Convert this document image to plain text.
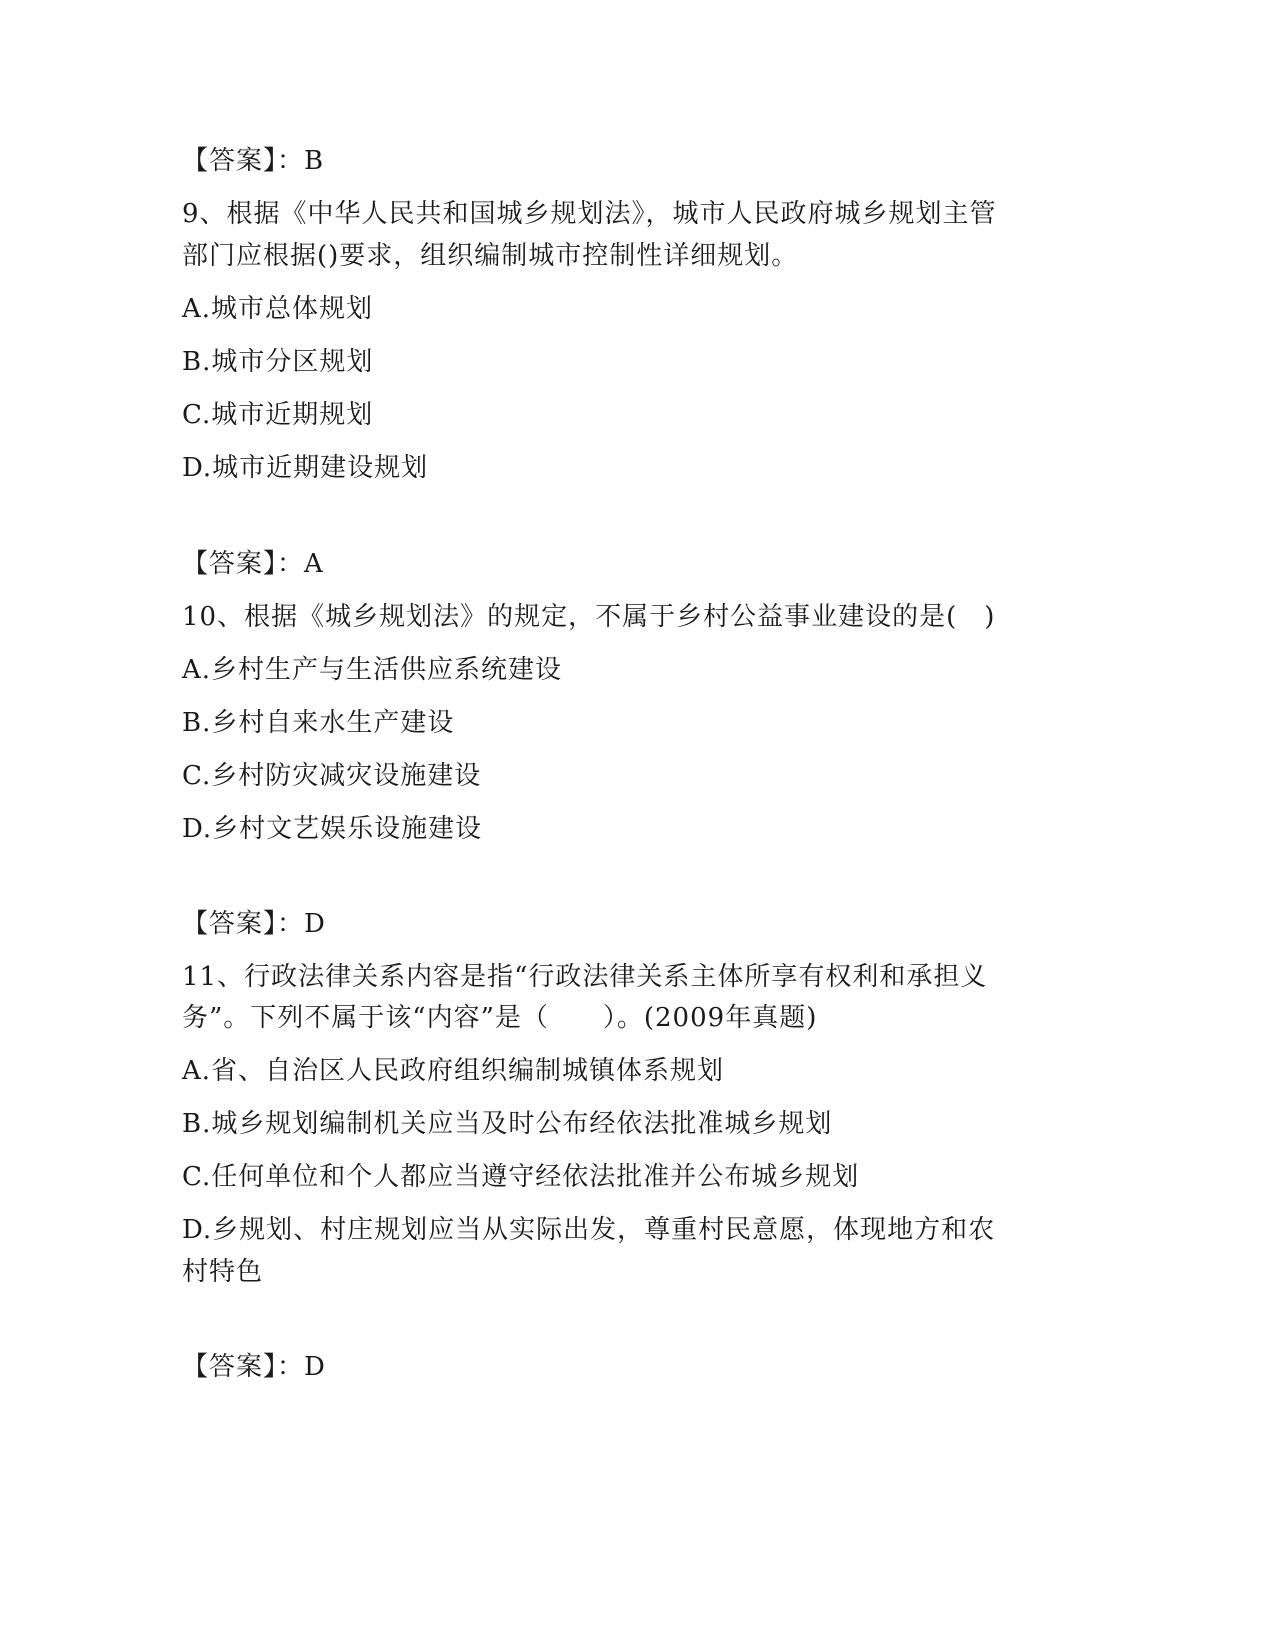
【答案】：B
9、根据《中华人民共和国城乡规划法》，城市人民政府城乡规划主管
部门应根据()要求，组织编制城市控制性详细规划。
A.城市总体规划
B.城市分区规划
C.城市近期规划
D.城市近期建设规划
【答案】：A
10、根据《城乡规划法》的规定，不属于乡村公益事业建设的是(　)
A.乡村生产与生活供应系统建设
B.乡村自来水生产建设
C.乡村防灾减灾设施建设
D.乡村文艺娱乐设施建设
【答案】：D
11、行政法律关系内容是指“行政法律关系主体所享有权利和承担义
务”。下列不属于该“内容”是（　　）。(2009年真题)
A.省、自治区人民政府组织编制城镇体系规划
B.城乡规划编制机关应当及时公布经依法批准城乡规划
C.任何单位和个人都应当遵守经依法批准并公布城乡规划
D.乡规划、村庄规划应当从实际出发，尊重村民意愿，体现地方和农
村特色
【答案】：D
